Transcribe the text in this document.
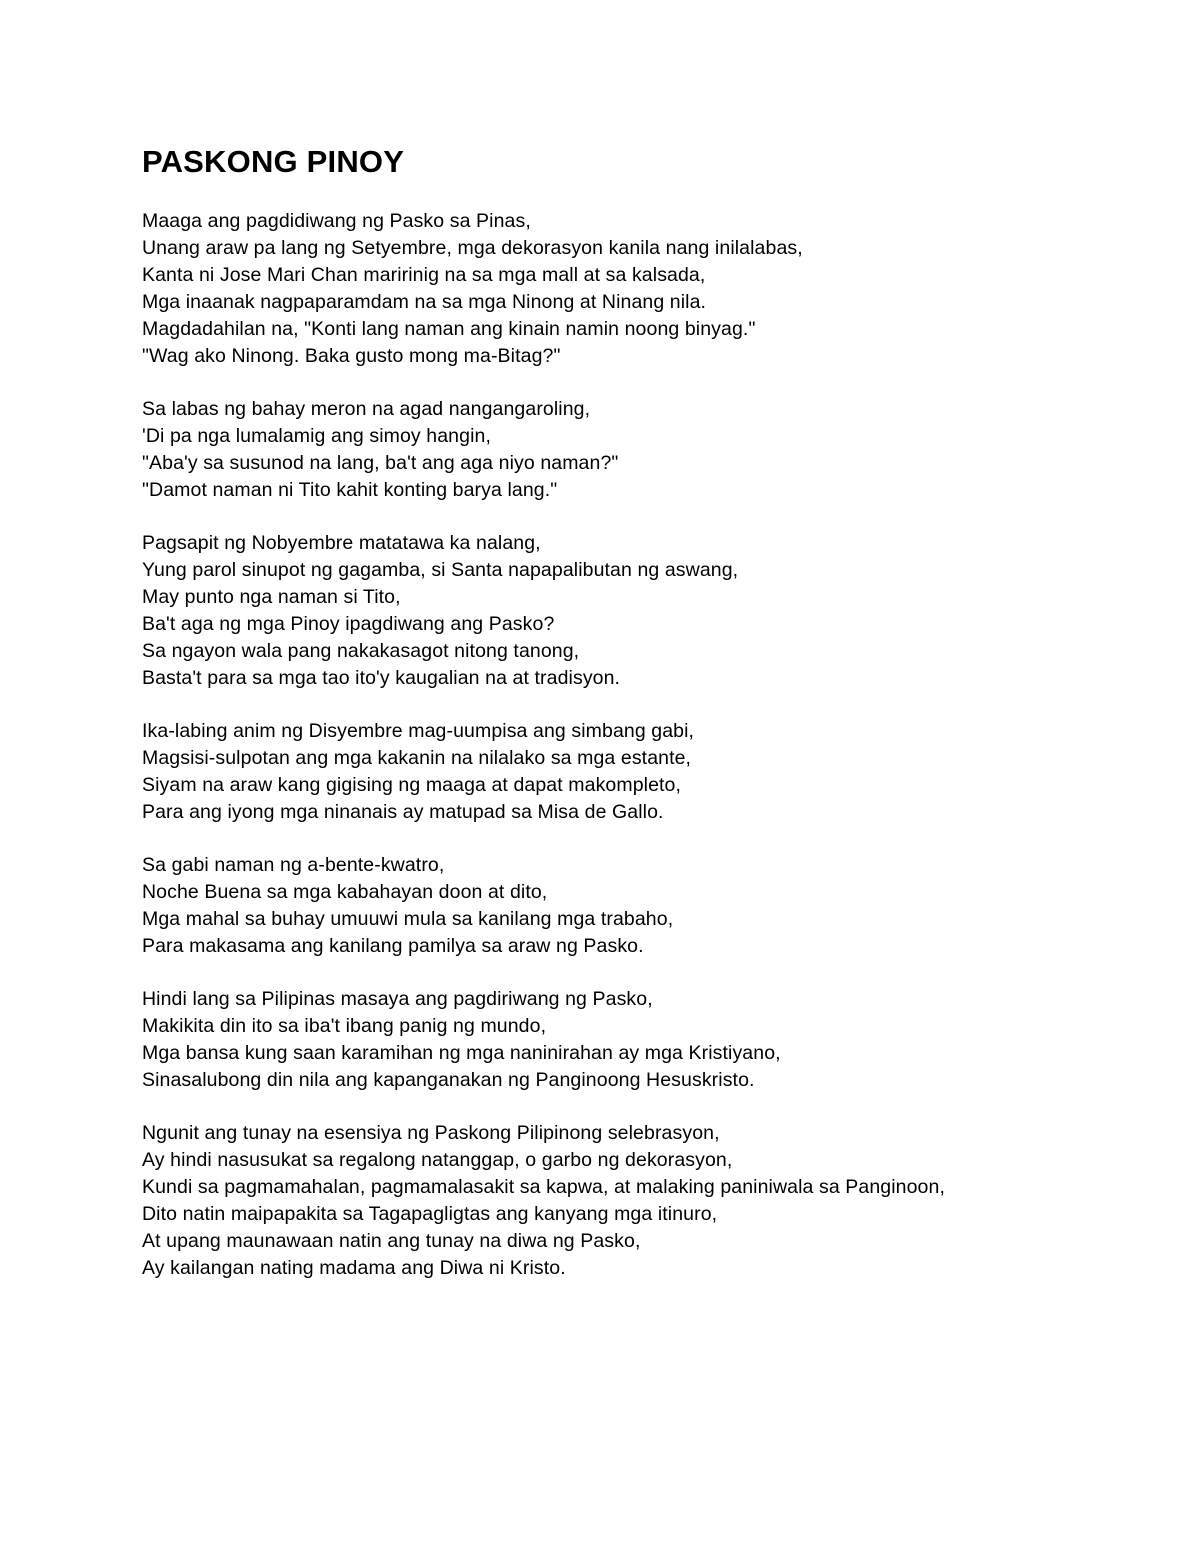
PASKONG PINOY
Maaga ang pagdidiwang ng Pasko sa Pinas,
Unang araw pa lang ng Setyembre, mga dekorasyon kanila nang inilalabas,
Kanta ni Jose Mari Chan maririnig na sa mga mall at sa kalsada,
Mga inaanak nagpaparamdam na sa mga Ninong at Ninang nila.
Magdadahilan na, "Konti lang naman ang kinain namin noong binyag."
"Wag ako Ninong. Baka gusto mong ma-Bitag?"
Sa labas ng bahay meron na agad nangangaroling,
'Di pa nga lumalamig ang simoy hangin,
"Aba'y sa susunod na lang, ba't ang aga niyo naman?"
"Damot naman ni Tito kahit konting barya lang."
Pagsapit ng Nobyembre matatawa ka nalang,
Yung parol sinupot ng gagamba, si Santa napapalibutan ng aswang,
May punto nga naman si Tito,
Ba't aga ng mga Pinoy ipagdiwang ang Pasko?
Sa ngayon wala pang nakakasagot nitong tanong,
Basta't para sa mga tao ito'y kaugalian na at tradisyon.
Ika-labing anim ng Disyembre mag-uumpisa ang simbang gabi,
Magsisi-sulpotan ang mga kakanin na nilalako sa mga estante,
Siyam na araw kang gigising ng maaga at dapat makompleto,
Para ang iyong mga ninanais ay matupad sa Misa de Gallo.
Sa gabi naman ng a-bente-kwatro,
Noche Buena sa mga kabahayan doon at dito,
Mga mahal sa buhay umuuwi mula sa kanilang mga trabaho,
Para makasama ang kanilang pamilya sa araw ng Pasko.
Hindi lang sa Pilipinas masaya ang pagdiriwang ng Pasko,
Makikita din ito sa iba't ibang panig ng mundo,
Mga bansa kung saan karamihan ng mga naninirahan ay mga Kristiyano,
Sinasalubong din nila ang kapanganakan ng Panginoong Hesuskristo.
Ngunit ang tunay na esensiya ng Paskong Pilipinong selebrasyon,
Ay hindi nasusukat sa regalong natanggap, o garbo ng dekorasyon,
Kundi sa pagmamahalan, pagmamalasakit sa kapwa, at malaking paniniwala sa Panginoon,
Dito natin maipapakita sa Tagapagligtas ang kanyang mga itinuro,
At upang maunawaan natin ang tunay na diwa ng Pasko,
Ay kailangan nating madama ang Diwa ni Kristo.
